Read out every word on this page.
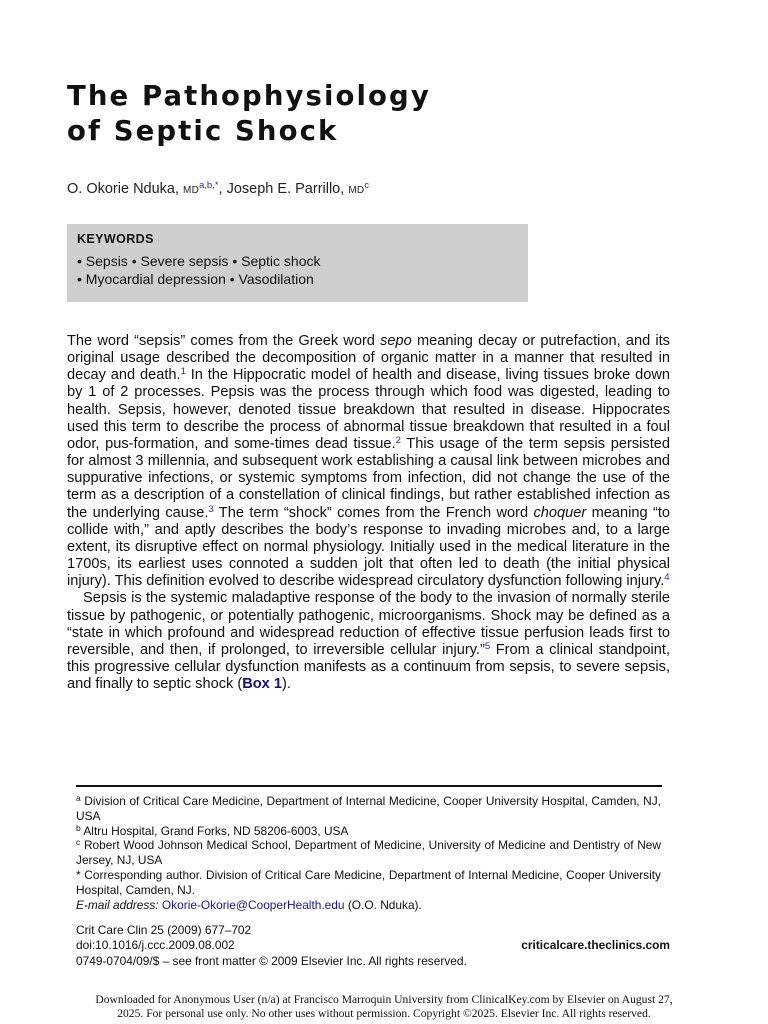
The Pathophysiology
of Septic Shock
O. Okorie Nduka, $MD^{a,b,*}$, Joseph E. Parrillo, $MD^c$
KEYWORDS
• Sepsis • Severe sepsis • Septic shock
• Myocardial depression • Vasodilation

The word “sepsis” comes from the Greek word sepo meaning decay or putrefaction, and its original usage described the decomposition of organic matter in a manner that resulted in decay and death.$^1$ In the Hippocratic model of health and disease, living tissues broke down by 1 of 2 processes. Pepsis was the process through which food was digested, leading to health. Sepsis, however, denoted tissue breakdown that resulted in disease. Hippocrates used this term to describe the process of abnormal tissue breakdown that resulted in a foul odor, pus-formation, and some-times dead tissue.$^2$ This usage of the term sepsis persisted for almost 3 millennia, and subsequent work establishing a causal link between microbes and suppurative infections, or systemic symptoms from infection, did not change the use of the term as a description of a constellation of clinical findings, but rather established infection as the underlying cause.$^3$ The term “shock” comes from the French word choquer meaning “to collide with,” and aptly describes the body’s response to invading microbes and, to a large extent, its disruptive effect on normal physiology. Initially used in the medical literature in the 1700s, its earliest uses connoted a sudden jolt that often led to death (the initial physical injury). This definition evolved to describe widespread circulatory dysfunction following injury.$^4$

Sepsis is the systemic maladaptive response of the body to the invasion of normally sterile tissue by pathogenic, or potentially pathogenic, microorganisms. Shock may be defined as a “state in which profound and widespread reduction of effective tissue perfusion leads first to reversible, and then, if prolonged, to irreversible cellular injury.”$^5$ From a clinical standpoint, this progressive cellular dysfunction manifests as a continuum from sepsis, to severe sepsis, and finally to septic shock (Box 1).

$^a$ Division of Critical Care Medicine, Department of Internal Medicine, Cooper University Hospital, Camden, NJ, USA
$^b$ Altru Hospital, Grand Forks, ND 58206-6003, USA
$^c$ Robert Wood Johnson Medical School, Department of Medicine, University of Medicine and Dentistry of New Jersey, NJ, USA
* Corresponding author. Division of Critical Care Medicine, Department of Internal Medicine, Cooper University Hospital, Camden, NJ.
E-mail address: Okorie-Okorie@CooperHealth.edu (O.O. Nduka).
Crit Care Clin 25 (2009) 677–702
doi:10.1016/j.ccc.2009.08.002
0749-0704/09/$ – see front matter © 2009 Elsevier Inc. All rights reserved.
criticalcare.theclinics.com
Downloaded for Anonymous User (n/a) at Francisco Marroquin University from ClinicalKey.com by Elsevier on August 27,
2025. For personal use only. No other uses without permission. Copyright ©2025. Elsevier Inc. All rights reserved.
